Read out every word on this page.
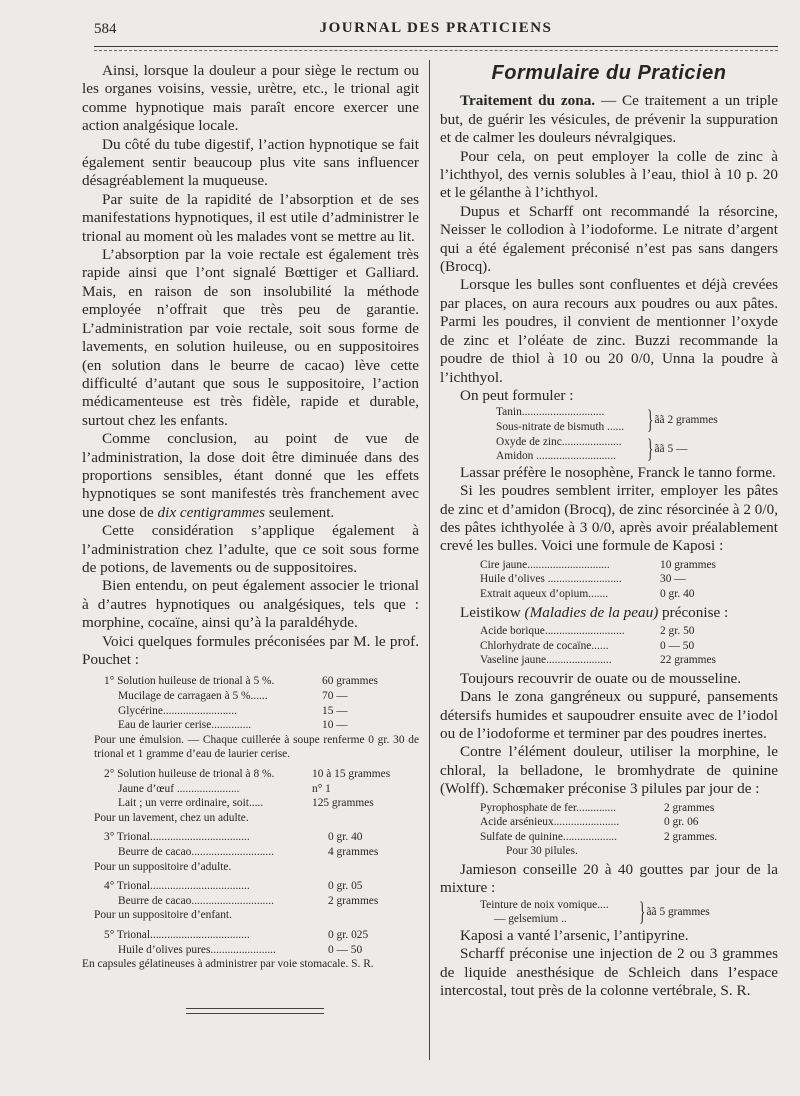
584	JOURNAL DES PRATICIENS

Ainsi, lorsque la douleur a pour siège le rectum ou les organes voisins, vessie, urètre, etc., le trional agit comme hypnotique mais paraît encore exercer une action analgésique locale.

Du côté du tube digestif, l’action hypnotique se fait également sentir beaucoup plus vite sans influencer désagréablement la muqueuse.

Par suite de la rapidité de l’absorption et de ses manifestations hypnotiques, il est utile d’administrer le trional au moment où les malades vont se mettre au lit.

L’absorption par la voie rectale est également très rapide ainsi que l’ont signalé Bœttiger et Galliard. Mais, en raison de son insolubilité la méthode employée n’offrait que très peu de garantie. L’administration par voie rectale, soit sous forme de lavements, en solution huileuse, ou en suppositoires (en solution dans le beurre de cacao) lève cette difficulté d’autant que sous le suppositoire, l’action médicamenteuse est très fidèle, rapide et durable, surtout chez les enfants.

Comme conclusion, au point de vue de l’administration, la dose doit être diminuée dans des proportions sensibles, étant donné que les effets hypnotiques se sont manifestés très franchement avec une dose de dix centigrammes seulement.

Cette considération s’applique également à l’administration chez l’adulte, que ce soit sous forme de potions, de lavements ou de suppositoires.

Bien entendu, on peut également associer le trional à d’autres hypnotiques ou analgésiques, tels que : morphine, cocaïne, ainsi qu’à la paraldéhyde.

Voici quelques formules préconisées par M. le prof. Pouchet :

1° Solution huileuse de trional à 5 %.	60 grammes
Mucilage de carragaen à 5 %......	70 —
Glycérine..........................	15 —
Eau de laurier cerise..............	10 —
Pour une émulsion. — Chaque cuillerée à soupe renferme 0 gr. 30 de trional et 1 gramme d’eau de laurier cerise.
2° Solution huileuse de trional à 8 %.	10 à 15 grammes
Jaune d’œuf ......................	n° 1
Lait ; un verre ordinaire, soit.....	125 grammes
Pour un lavement, chez un adulte.
3° Trional...................................	0 gr. 40
Beurre de cacao.............................	4 grammes
Pour un suppositoire d’adulte.
4° Trional...................................	0 gr. 05
Beurre de cacao.............................	2 grammes
Pour un suppositoire d’enfant.
5° Trional...................................	0 gr. 025
Huile d’olives pures.......................	0 — 50
En capsules gélatineuses à administrer par voie stomacale. S. R.
Formulaire du Praticien

Traitement du zona. — Ce traitement a un triple but, de guérir les vésicules, de prévenir la suppuration et de calmer les douleurs névralgiques.

Pour cela, on peut employer la colle de zinc à l’ichthyol, des vernis solubles à l’eau, thiol à 10 p. 20 et le gélanthe à l’ichthyol.

Dupus et Scharff ont recommandé la résorcine, Neisser le collodion à l’iodoforme. Le nitrate d’argent qui a été également préconisé n’est pas sans dangers (Brocq).

Lorsque les bulles sont confluentes et déjà crevées par places, on aura recours aux poudres ou aux pâtes. Parmi les poudres, il convient de mentionner l’oxyde de zinc et l’oléate de zinc. Buzzi recommande la poudre de thiol à 10 ou 20 0/0, Unna la poudre à l’ichthyol.

On peut formuler :

Tanin.............................
Sous-nitrate de bismuth ...... } ãã 2 grammes
Oxyde de zinc.....................
Amidon ............................	} ãã 5 —

Lassar préfère le nosophène, Franck le tanno forme.

Si les poudres semblent irriter, employer les pâtes de zinc et d’amidon (Brocq), de zinc résorcinée à 2 0/0, des pâtes ichthyolée à 3 0/0, après avoir préalablement crevé les bulles. Voici une formule de Kaposi :

Cire jaune.............................	10 grammes
Huile d’olives ..........................	30 —
Extrait aqueux d’opium.......	0 gr. 40

Leistikow (Maladies de la peau) préconise :

Acide borique............................	2 gr. 50
Chlorhydrate de cocaïne......	0 — 50
Vaseline jaune.......................	22 grammes

Toujours recouvrir de ouate ou de mousseline.

Dans le zona gangréneux ou suppuré, pansements détersifs humides et saupoudrer ensuite avec de l’iodol ou de l’iodoforme et terminer par des poudres inertes.

Contre l’élément douleur, utiliser la morphine, le chloral, la belladone, le bromhydrate de quinine (Wolff). Schœmaker préconise 3 pilules par jour de :

Pyrophosphate de fer..............	2 grammes
Acide arsénieux.......................	0 gr. 06
Sulfate de quinine...................	2 grammes.
Pour 30 pilules.

Jamieson conseille 20 à 40 gouttes par jour de la mixture :

Teinture de noix vomique....
— gelsemium ..	} ãã 5 grammes

Kaposi a vanté l’arsenic, l’antipyrine.

Scharff préconise une injection de 2 ou 3 grammes de liquide anesthésique de Schleich dans l’espace intercostal, tout près de la colonne vertébrale, S. R.
